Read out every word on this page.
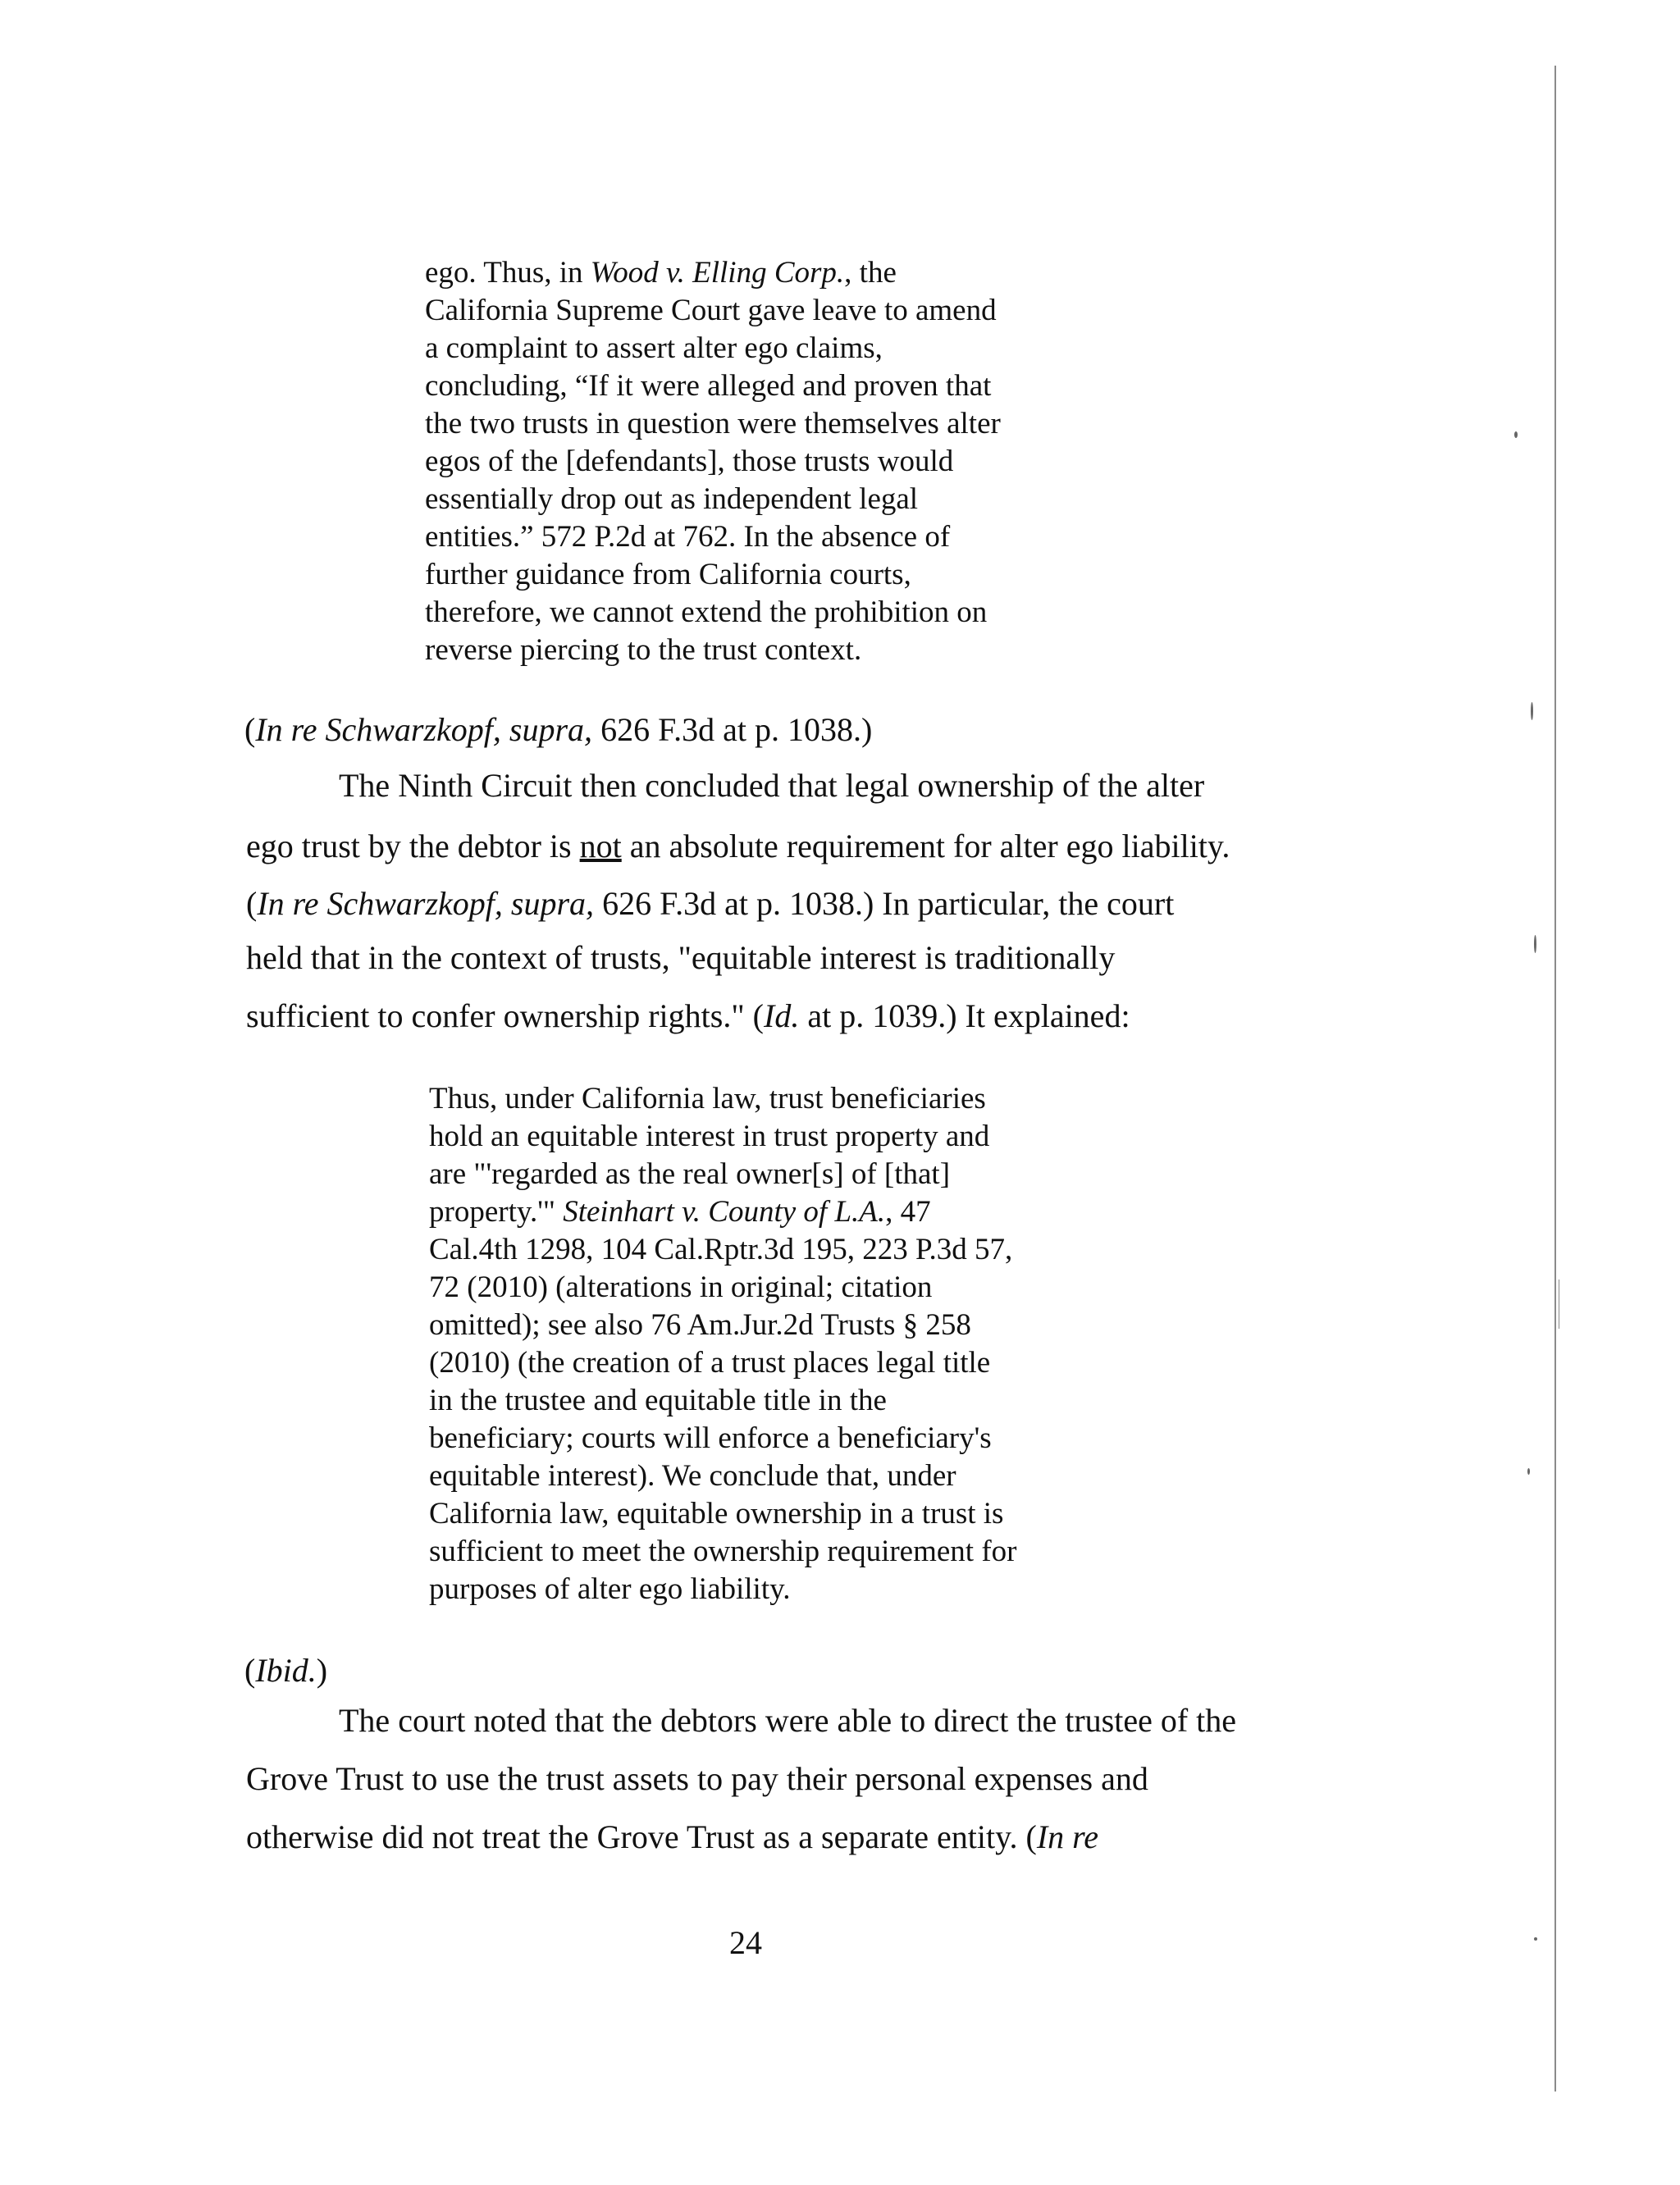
ego. Thus, in Wood v. Elling Corp., the

California Supreme Court gave leave to amend

a complaint to assert alter ego claims,

concluding, “If it were alleged and proven that

the two trusts in question were themselves alter

egos of the [defendants], those trusts would

essentially drop out as independent legal

entities.” 572 P.2d at 762. In the absence of

further guidance from California courts,

therefore, we cannot extend the prohibition on

reverse piercing to the trust context.

(In re Schwarzkopf, supra, 626 F.3d at p. 1038.)

The Ninth Circuit then concluded that legal ownership of the alter

ego trust by the debtor is not an absolute requirement for alter ego liability.

(In re Schwarzkopf, supra, 626 F.3d at p. 1038.) In particular, the court

held that in the context of trusts, "equitable interest is traditionally

sufficient to confer ownership rights." (Id. at p. 1039.) It explained:

Thus, under California law, trust beneficiaries

hold an equitable interest in trust property and

are "'regarded as the real owner[s] of [that]

property.'" Steinhart v. County of L.A., 47

Cal.4th 1298, 104 Cal.Rptr.3d 195, 223 P.3d 57,

72 (2010) (alterations in original; citation

omitted); see also 76 Am.Jur.2d Trusts § 258

(2010) (the creation of a trust places legal title

in the trustee and equitable title in the

beneficiary; courts will enforce a beneficiary's

equitable interest). We conclude that, under

California law, equitable ownership in a trust is

sufficient to meet the ownership requirement for

purposes of alter ego liability.

(Ibid.)

The court noted that the debtors were able to direct the trustee of the

Grove Trust to use the trust assets to pay their personal expenses and

otherwise did not treat the Grove Trust as a separate entity. (In re

24
